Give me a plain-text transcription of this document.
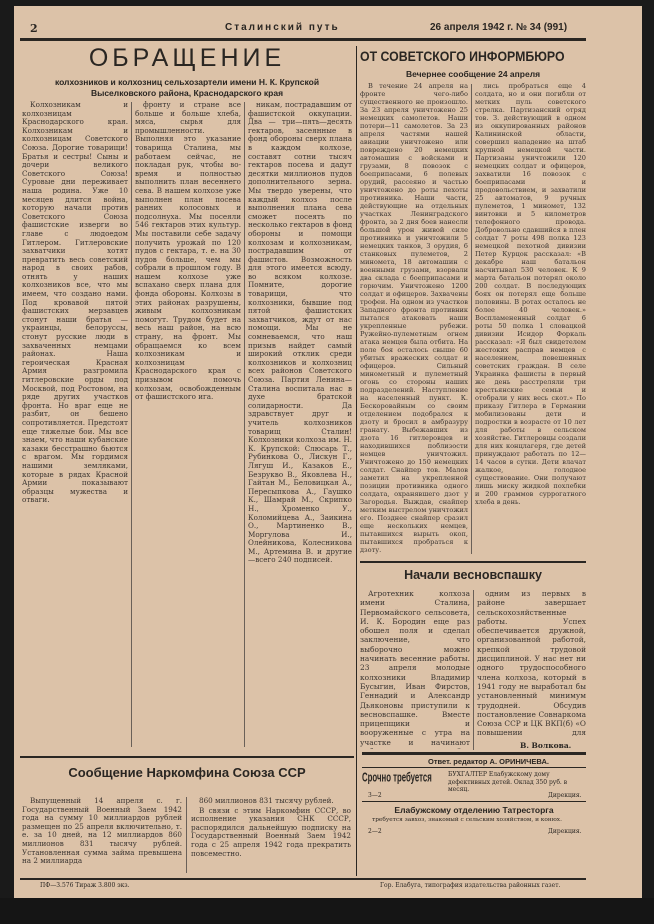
2	Сталинский путь	26 апреля 1942 г. № 34 (991)
ОБРАЩЕНИЕ
колхозников и колхозниц сельхозартели имени Н. К. Крупской
Выселковского района, Краснодарского края

Колхозникам и колхозницам Краснодарского края. Колхозникам и колхозницам Советского Союза. Дорогие товарищи! Братья и сестры! Сыны и дочери великого Советского Союза! Суровые дни переживает наша родина. Уже 10 месяцев длится война, которую начали против Советского Союза фашистские изверги во главе с людоедом Гитлером. Гитлеровские захватчики хотят превратить весь советский народ в своих рабов, отнять у наших колхозников все, что мы имеем, что создано нами. Под кровавой пятой фашистских мерзавцев стонут наши братья — украинцы, белоруссы, стонут русские люди в захваченных немцами районах. Наша героическая Красная Армия разгромила гитлеровские орды под Москвой, под Ростовом, на ряде других участков фронта. Но враг еще не разбит, он бешено сопротивляется. Предстоят еще тяжелые бои. Мы все знаем, что наши кубанские казаки бесстрашно бьются с врагом. Мы гордимся нашими земляками, которые в рядах Красной Армии показывают образцы мужества и отваги.

фронту и стране все больше и больше хлеба, мяса, сырья для промышленности. Выполняя это указание товарища Сталина, мы работаем сейчас, не покладая рук, чтобы во-время и полностью выполнить план весеннего сева. В нашем колхозе уже выполнен план посева ранних колосовых и подсолнуха. Мы посеяли 546 гектаров этих культур. Мы поставили себе задачу получить урожай по 120 пудов с гектара, т. е. на 30 пудов больше, чем мы собрали в прошлом году. В нашем колхозе уже вспахано сверх плана для фонда обороны. Колхозы в этих районах разрушены, живым колхозникам помогут. Трудом будет на весь наш район, на всю страну, на фронт. Мы обращаемся ко всем колхозникам и колхозницам Краснодарского края с призывом помочь колхозам, освобожденным от фашистского ига.

никам, пострадавшим от фашистской оккупации. Два — три—пять—десять гектаров, засеянные в фонд обороны сверх плана в каждом колхозе, составят сотни тысяч гектаров посева и дадут десятки миллионов пудов дополнительного зерна. Мы твердо уверены, что каждый колхоз после выполнения плана сева сможет посеять по несколько гектаров в фонд обороны и помощи колхозам и колхозникам, пострадавшим от фашистов. Возможность для этого имеется всюду, во всяком колхозе. Помните, дорогие товарищи, что колхозники, бывшие под пятой фашистских захватчиков, ждут от нас помощи. Мы не сомневаемся, что наш призыв найдет самый широкий отклик среди колхозников и колхозниц всех районов Советского Союза. Партия Ленина—Сталина воспитала нас в духе братской солидарности. Да здравствует друг и учитель колхозников товарищ Сталин! Колхозники колхоза им. Н. К. Крупской: Слюсарь Т., Рубинкова О., Лискун Г., Лягуш И., Казаков Е., Безрукво В., Яковлева Н., Гайтан М., Беловицкая А., Пересыпкова А., Гаушко К., Шамрай М., Скрипко Н., Хроменко У., Коломийцева А., Заикина О., Мартиненко В., Моргулова И., Олейникова, Колесникова М., Артемина В. и другие—всего 240 подписей.

Сообщение Наркомфина Союза ССР

Выпущенный 14 апреля с. г. Государственный Военный Заем 1942 года на сумму 10 миллиардов рублей размещен по 25 апреля включительно, т. е. за 10 дней, на 12 миллиардов 860 миллионов 831 тысячу рублей. Установленная сумма займа превышена на 2 миллиарда

860 миллионов 831 тысячу рублей.

В связи с этим Наркомфин СССР, во исполнение указания СНК СССР, распорядился дальнейшую подписку на Государственный Военный Заем 1942 года с 25 апреля 1942 года прекратить повсеместно.

ПФ—3.576 Тираж 3.800 экз.	Гор. Елабуга, типография издательства районных газет.
ОТ СОВЕТСКОГО ИНФОРМБЮРО
Вечернее сообщение 24 апреля

В течение 24 апреля на фронте чего-либо существенного не произошло. За 23 апреля уничтожено 25 немецких самолетов. Наши потери—11 самолетов. За 23 апреля частями нашей авиации уничтожено или повреждено 20 немецких автомашин с войсками и грузами, 8 повозок с боеприпасами, 6 полевых орудий, рассеяно и частью уничтожено до роты пехоты противника. Наши части, действующие на отдельных участках Ленинградского фронта, за 2 дня боев нанесли большой урон живой силе противника и уничтожили 5 немецких танков, 3 орудия, 6 станковых пулеметов, 2 миномета, 18 автомашин с военными грузами, взорвали два склада с боеприпасами и горючим. Уничтожено 1200 солдат и офицеров. Захвачены трофеи. На одном из участков Западного фронта противник пытался атаковать наши укрепленные рубежи. Ружейно-пулеметным огнем атака немцев была отбита. На поле боя осталось свыше 60 убитых вражеских солдат и офицеров. Сильный минометный и пулеметный огонь со стороны наших подразделений. Наступление на населенный пункт. К. Бескоровайным со своим отделением подобрался к дзоту и бросил в амбразуру гранату. Выбежавших из дзота 16 гитлеровцев и находившихся поблизости немцев уничтожил. Уничтожено до 150 немецких солдат. Снайпер тов. Малов заметил на укрепленной позиции противника одного солдата, охранявшего дзот у Загородья. Выждав, снайпер метким выстрелом уничтожил его. Позднее снайпер сразил еще нескольких немцев, пытавшихся вырыть окоп, пытавшихся пробраться к дзоту.

лись пробраться еще 4 солдата, но и они погибли от метких пуль советского стрелка. Партизанский отряд тов. З. действующий в одном из оккупированных районов Калининской области, совершил нападение на штаб крупной немецкой части. Партизаны уничтожили 120 немецких солдат и офицеров, захватили 16 повозок с боеприпасами и продовольствием, и захватили 25 автоматов, 9 ручных пулеметов, 1 миномет, 132 винтовки и 5 километров телефонного провода. Добровольно сдавшийся в плен солдат 7 роты 498 полка 123 немецкой пехотной дивизии Петер Курцок рассказал: «В декабре наш батальон насчитывал 530 человек. К 9 марта батальон потерял около 200 солдат. В последующих боях он потерял еще больше половины. В ротах осталось не более 40 человек.» Воспламененный солдат 6 роты 50 полка 1 словацкой дивизии Исидор Форкаль рассказал: «Я был свидетелем жестоких расправ немцев с населением, повешенных советских граждан. В селе Украинка фашисты в первый же день расстреляли три крестьянские семьи и отобрали у них весь скот.» По приказу Гитлера в Германии мобилизованы дети и подростки в возрасте от 10 лет для работы в сельском хозяйстве. Гитлеровцы создали для них концлагеря, где детей принуждают работать по 12—14 часов в сутки. Дети влачат жалкое, голодное существование. Они получают лишь миску жидкой похлебки и 200 граммов суррогатного хлеба в день.

Начали весновспашку

Агротехник колхоза имени Сталина, Первомайского сельсовета, И. К. Бородин еще раз обошел поля и сделал заключение, что выборочно можно начинать весенние работы. 23 апреля молодые колхозники Владимир Бусыгин, Иван Фирстов, Геннадий и Александр Дьяконовы приступили к весновспашке. Вместе прицепщики и вооруженные с утра на участке и начинают

одним из первых в районе завершает сельскохозяйственные работы. Успех обеспечивается дружной, организованной работой, крепкой трудовой дисциплиной. У нас нет ни одного трудоспособного члена колхоза, который в 1941 году не выработал бы установленный минимум трудодней. Обсудив постановление Совнаркома Союза ССР и ЦК ВКП(б) «О повышении для

В. Волкова.
Ответ. редактор А. ОРИНИЧЕВА.
Срочно требуется	БУХГАЛТЕР Елабужскому дому дефективных детей. Оклад 350 руб. в месяц.
3—2	Дирекция.
Елабужскому отделению Татресторга
требуется завхоз, знакомый с сельским хозяйством, и конюх.
2—2	Дирекция.
